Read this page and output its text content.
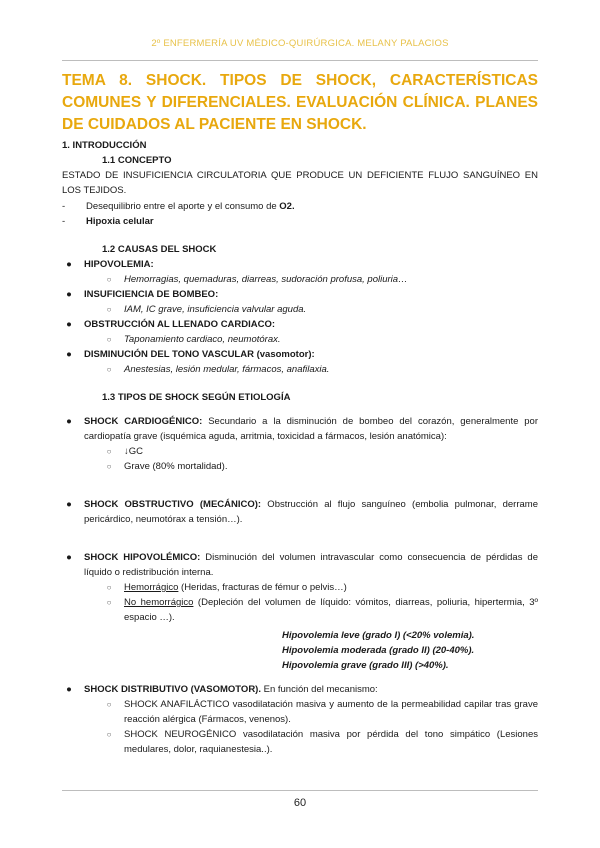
2º ENFERMERÍA UV MÉDICO-QUIRÚRGICA. MELANY PALACIOS
TEMA 8. SHOCK. TIPOS DE SHOCK, CARACTERÍSTICAS COMUNES Y DIFERENCIALES. EVALUACIÓN CLÍNICA. PLANES DE CUIDADOS AL PACIENTE EN SHOCK.
1. INTRODUCCIÓN
1.1 CONCEPTO
ESTADO DE INSUFICIENCIA CIRCULATORIA QUE PRODUCE UN DEFICIENTE FLUJO SANGUÍNEO EN LOS TEJIDOS.
-	Desequilibrio entre el aporte y el consumo de O2.
-	Hipoxia celular
1.2 CAUSAS DEL SHOCK
●	HIPOVOLEMIA:
○	Hemorragias, quemaduras, diarreas, sudoración profusa, poliuria…
●	INSUFICIENCIA DE BOMBEO:
○	IAM, IC grave, insuficiencia valvular aguda.
●	OBSTRUCCIÓN AL LLENADO CARDIACO:
○	Taponamiento cardiaco, neumotórax.
●	DISMINUCIÓN DEL TONO VASCULAR (vasomotor):
○	Anestesias, lesión medular, fármacos, anafilaxia.
1.3 TIPOS DE SHOCK SEGÚN ETIOLOGÍA
●	SHOCK CARDIOGÉNICO: Secundario a la disminución de bombeo del corazón, generalmente por cardiopatía grave (isquémica aguda, arritmia, toxicidad a fármacos, lesión anatómica):
○	↓GC
○	Grave (80% mortalidad).
●	SHOCK OBSTRUCTIVO (MECÁNICO): Obstrucción al flujo sanguíneo (embolia pulmonar, derrame pericárdico, neumotórax a tensión…).
●	SHOCK HIPOVOLÉMICO: Disminución del volumen intravascular como consecuencia de pérdidas de líquido o redistribución interna.
○	Hemorrágico (Heridas, fracturas de fémur o pelvis…)
○	No hemorrágico (Depleción del volumen de líquido: vómitos, diarreas, poliuria, hipertermia, 3º espacio …).
Hipovolemia leve (grado I) (<20% volemia).
Hipovolemia moderada (grado II) (20-40%).
Hipovolemia grave (grado III) (>40%).
●	SHOCK DISTRIBUTIVO (VASOMOTOR). En función del mecanismo:
○	SHOCK ANAFILÁCTICO vasodilatación masiva y aumento de la permeabilidad capilar tras grave reacción alérgica (Fármacos, venenos).
○	SHOCK NEUROGÉNICO vasodilatación masiva por pérdida del tono simpático (Lesiones medulares, dolor, raquianestesia..).
60
